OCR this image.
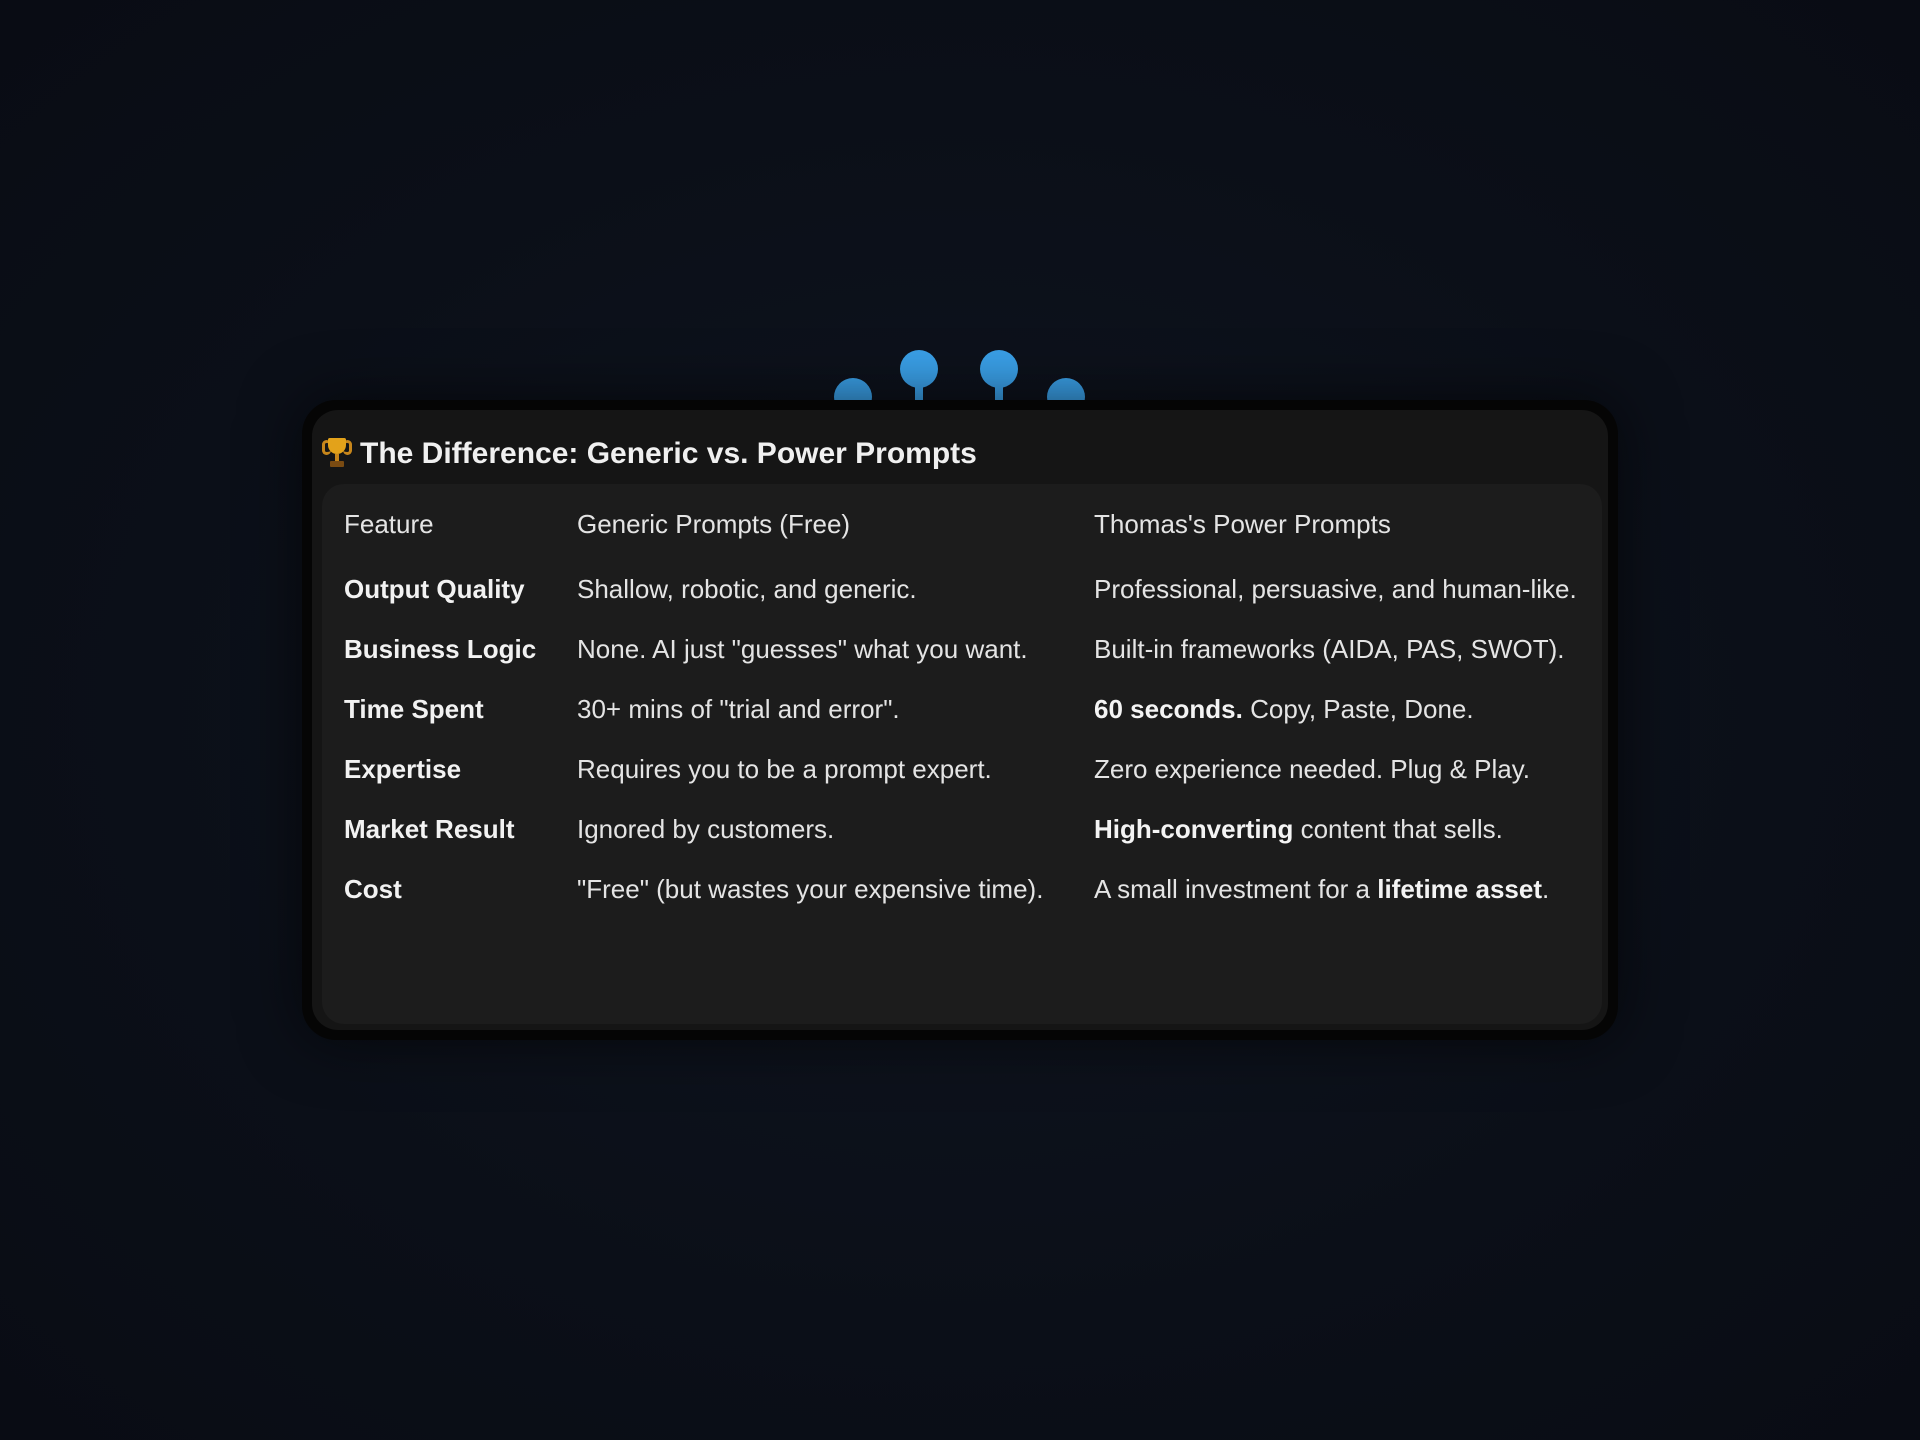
The Difference: Generic vs. Power Prompts
Feature	Generic Prompts (Free)	Thomas's Power Prompts
Output Quality	Shallow, robotic, and generic.	Professional, persuasive, and human-like.
Business Logic	None. AI just "guesses" what you want.	Built-in frameworks (AIDA, PAS, SWOT).
Time Spent	30+ mins of "trial and error".	60 seconds. Copy, Paste, Done.
Expertise	Requires you to be a prompt expert.	Zero experience needed. Plug & Play.
Market Result	Ignored by customers.	High-converting content that sells.
Cost	"Free" (but wastes your expensive time).	A small investment for a lifetime asset.
